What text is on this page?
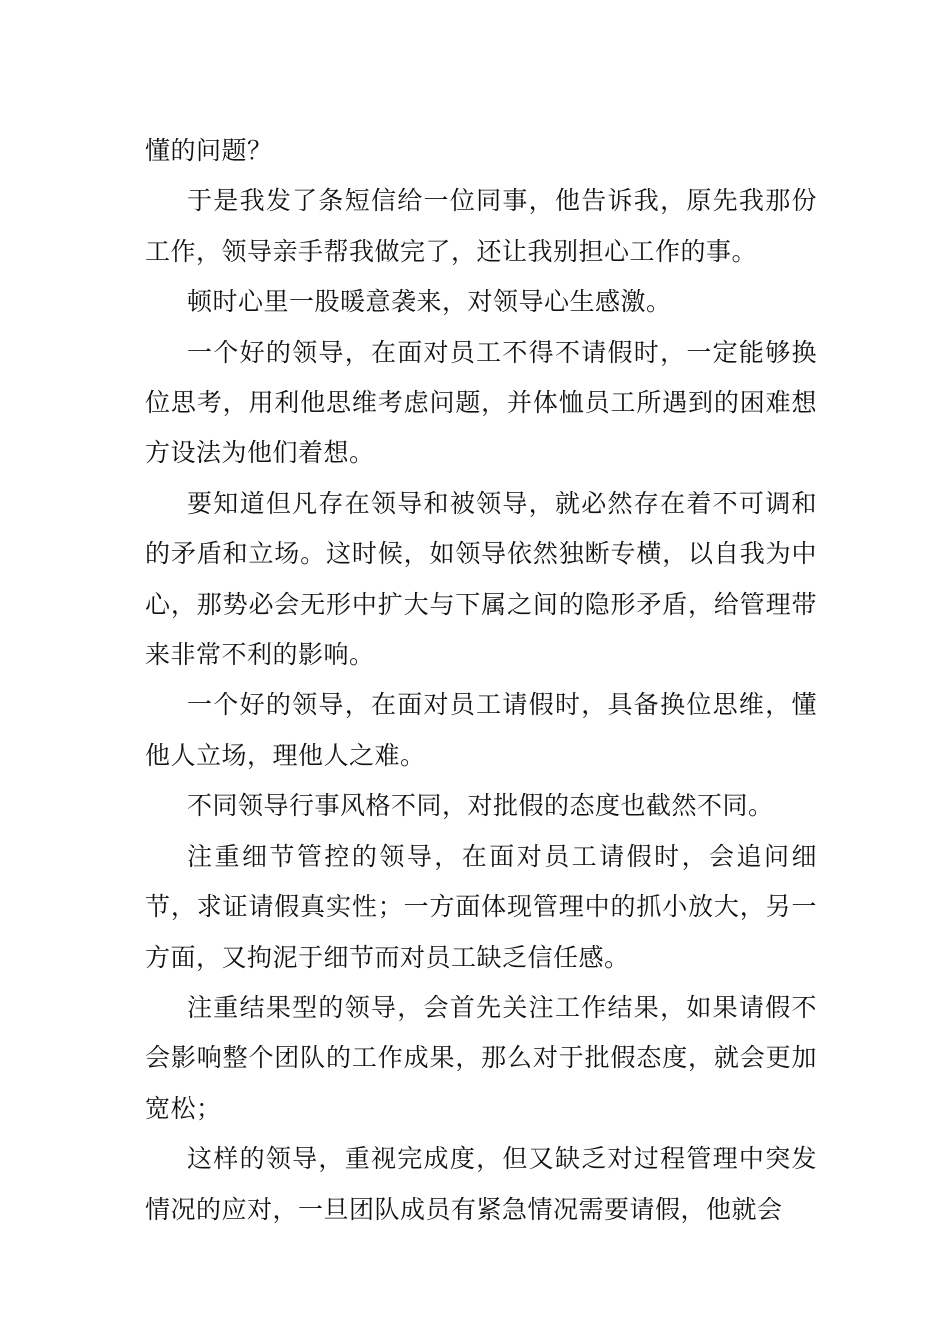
懂的问题？

于是我发了条短信给一位同事，他告诉我，原先我那份工作，领导亲手帮我做完了，还让我别担心工作的事。

顿时心里一股暖意袭来，对领导心生感激。

一个好的领导，在面对员工不得不请假时，一定能够换位思考，用利他思维考虑问题，并体恤员工所遇到的困难想方设法为他们着想。

要知道但凡存在领导和被领导，就必然存在着不可调和的矛盾和立场。这时候，如领导依然独断专横，以自我为中心，那势必会无形中扩大与下属之间的隐形矛盾，给管理带来非常不利的影响。

一个好的领导，在面对员工请假时，具备换位思维，懂他人立场，理他人之难。

不同领导行事风格不同，对批假的态度也截然不同。

注重细节管控的领导，在面对员工请假时，会追问细节，求证请假真实性；一方面体现管理中的抓小放大，另一方面，又拘泥于细节而对员工缺乏信任感。

注重结果型的领导，会首先关注工作结果，如果请假不会影响整个团队的工作成果，那么对于批假态度，就会更加宽松；

这样的领导，重视完成度，但又缺乏对过程管理中突发情况的应对，一旦团队成员有紧急情况需要请假，他就会
